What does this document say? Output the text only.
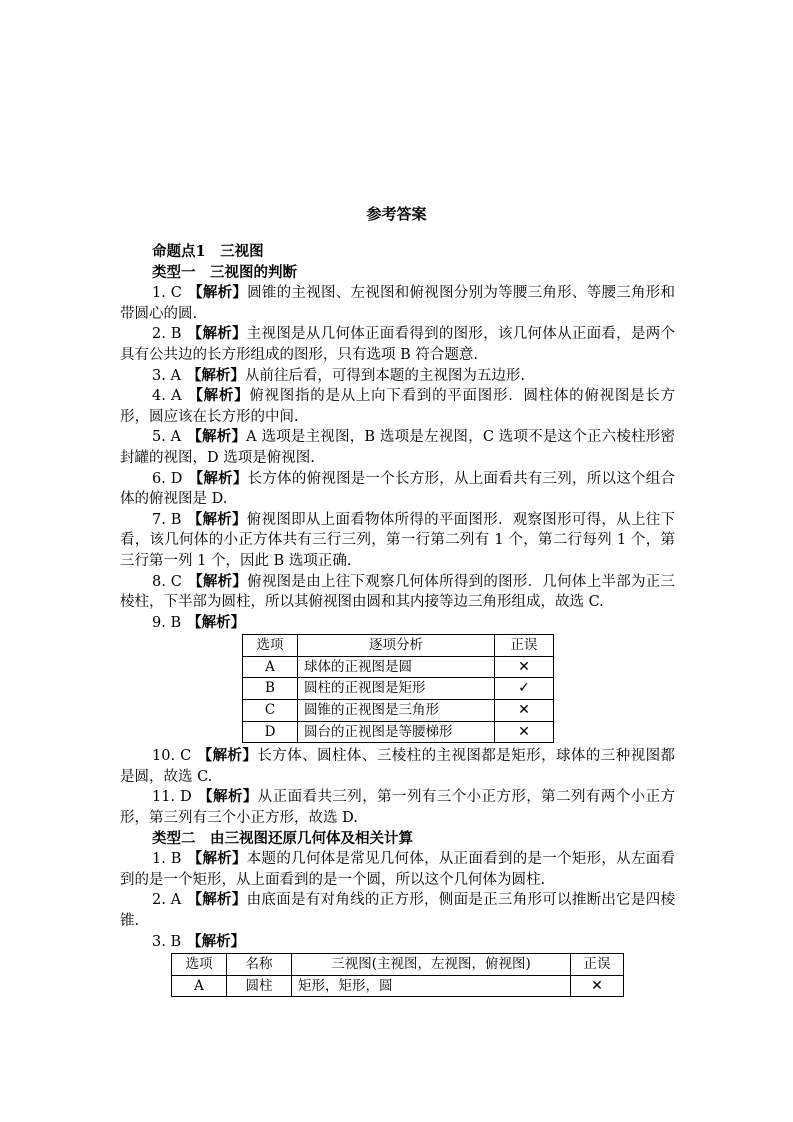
参考答案
命题点1　三视图
类型一　三视图的判断
1. C 【解析】圆锥的主视图、左视图和俯视图分别为等腰三角形、等腰三角形和带圆心的圆.
2. B 【解析】主视图是从几何体正面看得到的图形，该几何体从正面看，是两个具有公共边的长方形组成的图形，只有选项 B 符合题意.
3. A 【解析】从前往后看，可得到本题的主视图为五边形.
4. A 【解析】俯视图指的是从上向下看到的平面图形．圆柱体的俯视图是长方形，圆应该在长方形的中间.
5. A 【解析】A 选项是主视图，B 选项是左视图，C 选项不是这个正六棱柱形密封罐的视图，D 选项是俯视图.
6. D 【解析】长方体的俯视图是一个长方形，从上面看共有三列，所以这个组合体的俯视图是 D.
7. B 【解析】俯视图即从上面看物体所得的平面图形．观察图形可得，从上往下看，该几何体的小正方体共有三行三列，第一行第二列有 1 个，第二行每列 1 个，第三行第一列 1 个，因此 B 选项正确.
8. C 【解析】俯视图是由上往下观察几何体所得到的图形．几何体上半部为正三棱柱，下半部为圆柱，所以其俯视图由圆和其内接等边三角形组成，故选 C.
9. B 【解析】
选项	逐项分析	正误
A	球体的正视图是圆	✕
B	圆柱的正视图是矩形	✓
C	圆锥的正视图是三角形	✕
D	圆台的正视图是等腰梯形	✕
10. C 【解析】长方体、圆柱体、三棱柱的主视图都是矩形，球体的三种视图都是圆，故选 C.
11. D 【解析】从正面看共三列，第一列有三个小正方形，第二列有两个小正方形，第三列有三个小正方形，故选 D.
类型二　由三视图还原几何体及相关计算
1. B 【解析】本题的几何体是常见几何体，从正面看到的是一个矩形，从左面看到的是一个矩形，从上面看到的是一个圆，所以这个几何体为圆柱.
2. A 【解析】由底面是有对角线的正方形，侧面是正三角形可以推断出它是四棱锥.
3. B 【解析】
选项	名称	三视图(主视图，左视图，俯视图)	正误
A	圆柱	矩形，矩形，圆	✕
